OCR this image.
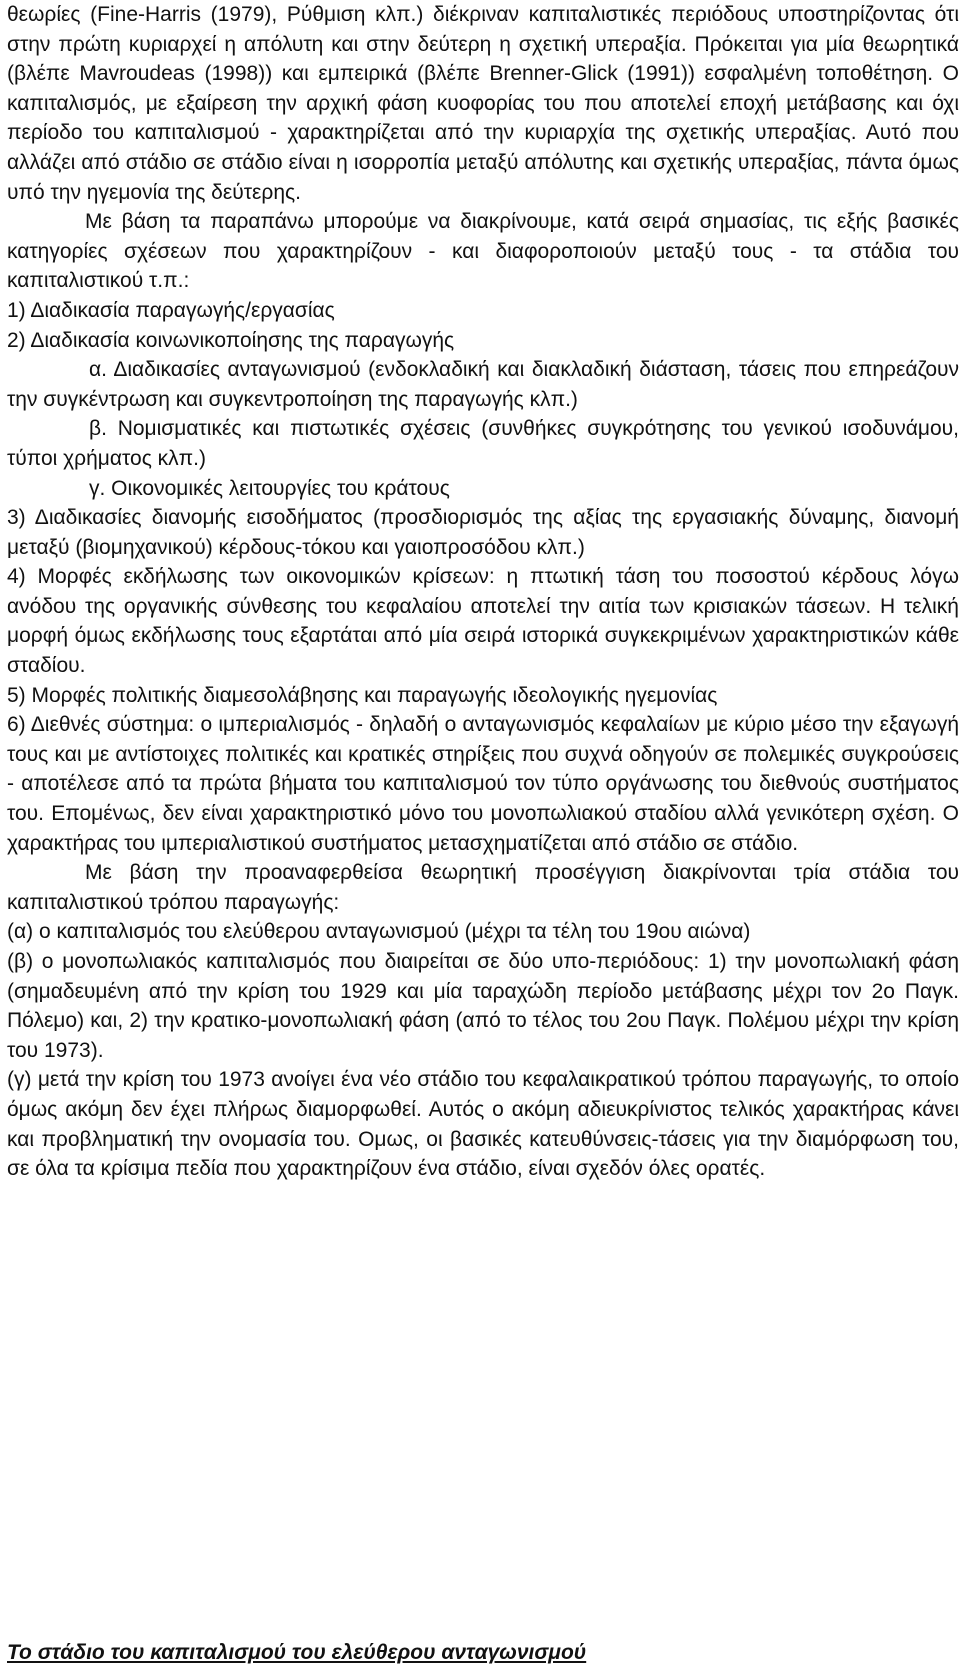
θεωρίες (Fine-Harris (1979), Ρύθμιση κλπ.) διέκριναν καπιταλιστικές περιόδους υποστηρίζοντας ότι στην πρώτη κυριαρχεί η απόλυτη και στην δεύτερη η σχετική υπεραξία. Πρόκειται για μία θεωρητικά (βλέπε Mavroudeas (1998)) και εμπειρικά (βλέπε Brenner-Glick (1991)) εσφαλμένη τοποθέτηση. Ο καπιταλισμός, με εξαίρεση την αρχική φάση κυοφορίας του που αποτελεί εποχή μετάβασης και όχι περίοδο του καπιταλισμού - χαρακτηρίζεται από την κυριαρχία της σχετικής υπεραξίας. Αυτό που αλλάζει από στάδιο σε στάδιο είναι η ισορροπία μεταξύ απόλυτης και σχετικής υπεραξίας, πάντα όμως υπό την ηγεμονία της δεύτερης.

Με βάση τα παραπάνω μπορούμε να διακρίνουμε, κατά σειρά σημασίας, τις εξής βασικές κατηγορίες σχέσεων που χαρακτηρίζουν - και διαφοροποιούν μεταξύ τους - τα στάδια του καπιταλιστικού τ.π.:

1) Διαδικασία παραγωγής/εργασίας

2) Διαδικασία κοινωνικοποίησης της παραγωγής

α. Διαδικασίες ανταγωνισμού (ενδοκλαδική και διακλαδική διάσταση, τάσεις που επηρεάζουν την συγκέντρωση και συγκεντροποίηση της παραγωγής κλπ.)

β. Νομισματικές και πιστωτικές σχέσεις (συνθήκες συγκρότησης του γενικού ισοδυνάμου, τύποι χρήματος κλπ.)

γ. Οικονομικές λειτουργίες του κράτους

3) Διαδικασίες διανομής εισοδήματος (προσδιορισμός της αξίας της εργασιακής δύναμης, διανομή μεταξύ (βιομηχανικού) κέρδους-τόκου και γαιοπροσόδου κλπ.)

4) Μορφές εκδήλωσης των οικονομικών κρίσεων: η πτωτική τάση του ποσοστού κέρδους λόγω ανόδου της οργανικής σύνθεσης του κεφαλαίου αποτελεί την αιτία των κρισιακών τάσεων. Η τελική μορφή όμως εκδήλωσης τους εξαρτάται από μία σειρά ιστορικά συγκεκριμένων χαρακτηριστικών κάθε σταδίου.

5) Μορφές πολιτικής διαμεσολάβησης και παραγωγής ιδεολογικής ηγεμονίας

6) Διεθνές σύστημα: ο ιμπεριαλισμός - δηλαδή ο ανταγωνισμός κεφαλαίων με κύριο μέσο την εξαγωγή τους και με αντίστοιχες πολιτικές και κρατικές στηρίξεις που συχνά οδηγούν σε πολεμικές συγκρούσεις - αποτέλεσε από τα πρώτα βήματα του καπιταλισμού τον τύπο οργάνωσης του διεθνούς συστήματος του. Επομένως, δεν είναι χαρακτηριστικό μόνο του μονοπωλιακού σταδίου αλλά γενικότερη σχέση. Ο χαρακτήρας του ιμπεριαλιστικού συστήματος μετασχηματίζεται από στάδιο σε στάδιο.

Με βάση την προαναφερθείσα θεωρητική προσέγγιση διακρίνονται τρία στάδια του καπιταλιστικού τρόπου παραγωγής:

(α) ο καπιταλισμός του ελεύθερου ανταγωνισμού (μέχρι τα τέλη του 19ου αιώνα)

(β) ο μονοπωλιακός καπιταλισμός που διαιρείται σε δύο υπο-περιόδους: 1) την μονοπωλιακή φάση (σημαδευμένη από την κρίση του 1929 και μία ταραχώδη περίοδο μετάβασης μέχρι τον 2ο Παγκ. Πόλεμο) και, 2) την κρατικο-μονοπωλιακή φάση (από το τέλος του 2ου Παγκ. Πολέμου μέχρι την κρίση του 1973).

(γ) μετά την κρίση του 1973 ανοίγει ένα νέο στάδιο του κεφαλαικρατικού τρόπου παραγωγής, το οποίο όμως ακόμη δεν έχει πλήρως διαμορφωθεί. Αυτός ο ακόμη αδιευκρίνιστος τελικός χαρακτήρας κάνει και προβληματική την ονομασία του. Ομως, οι βασικές κατευθύνσεις-τάσεις για την διαμόρφωση του, σε όλα τα κρίσιμα πεδία που χαρακτηρίζουν ένα στάδιο, είναι σχεδόν όλες ορατές.

Το στάδιο του καπιταλισμού του ελεύθερου ανταγωνισμού
